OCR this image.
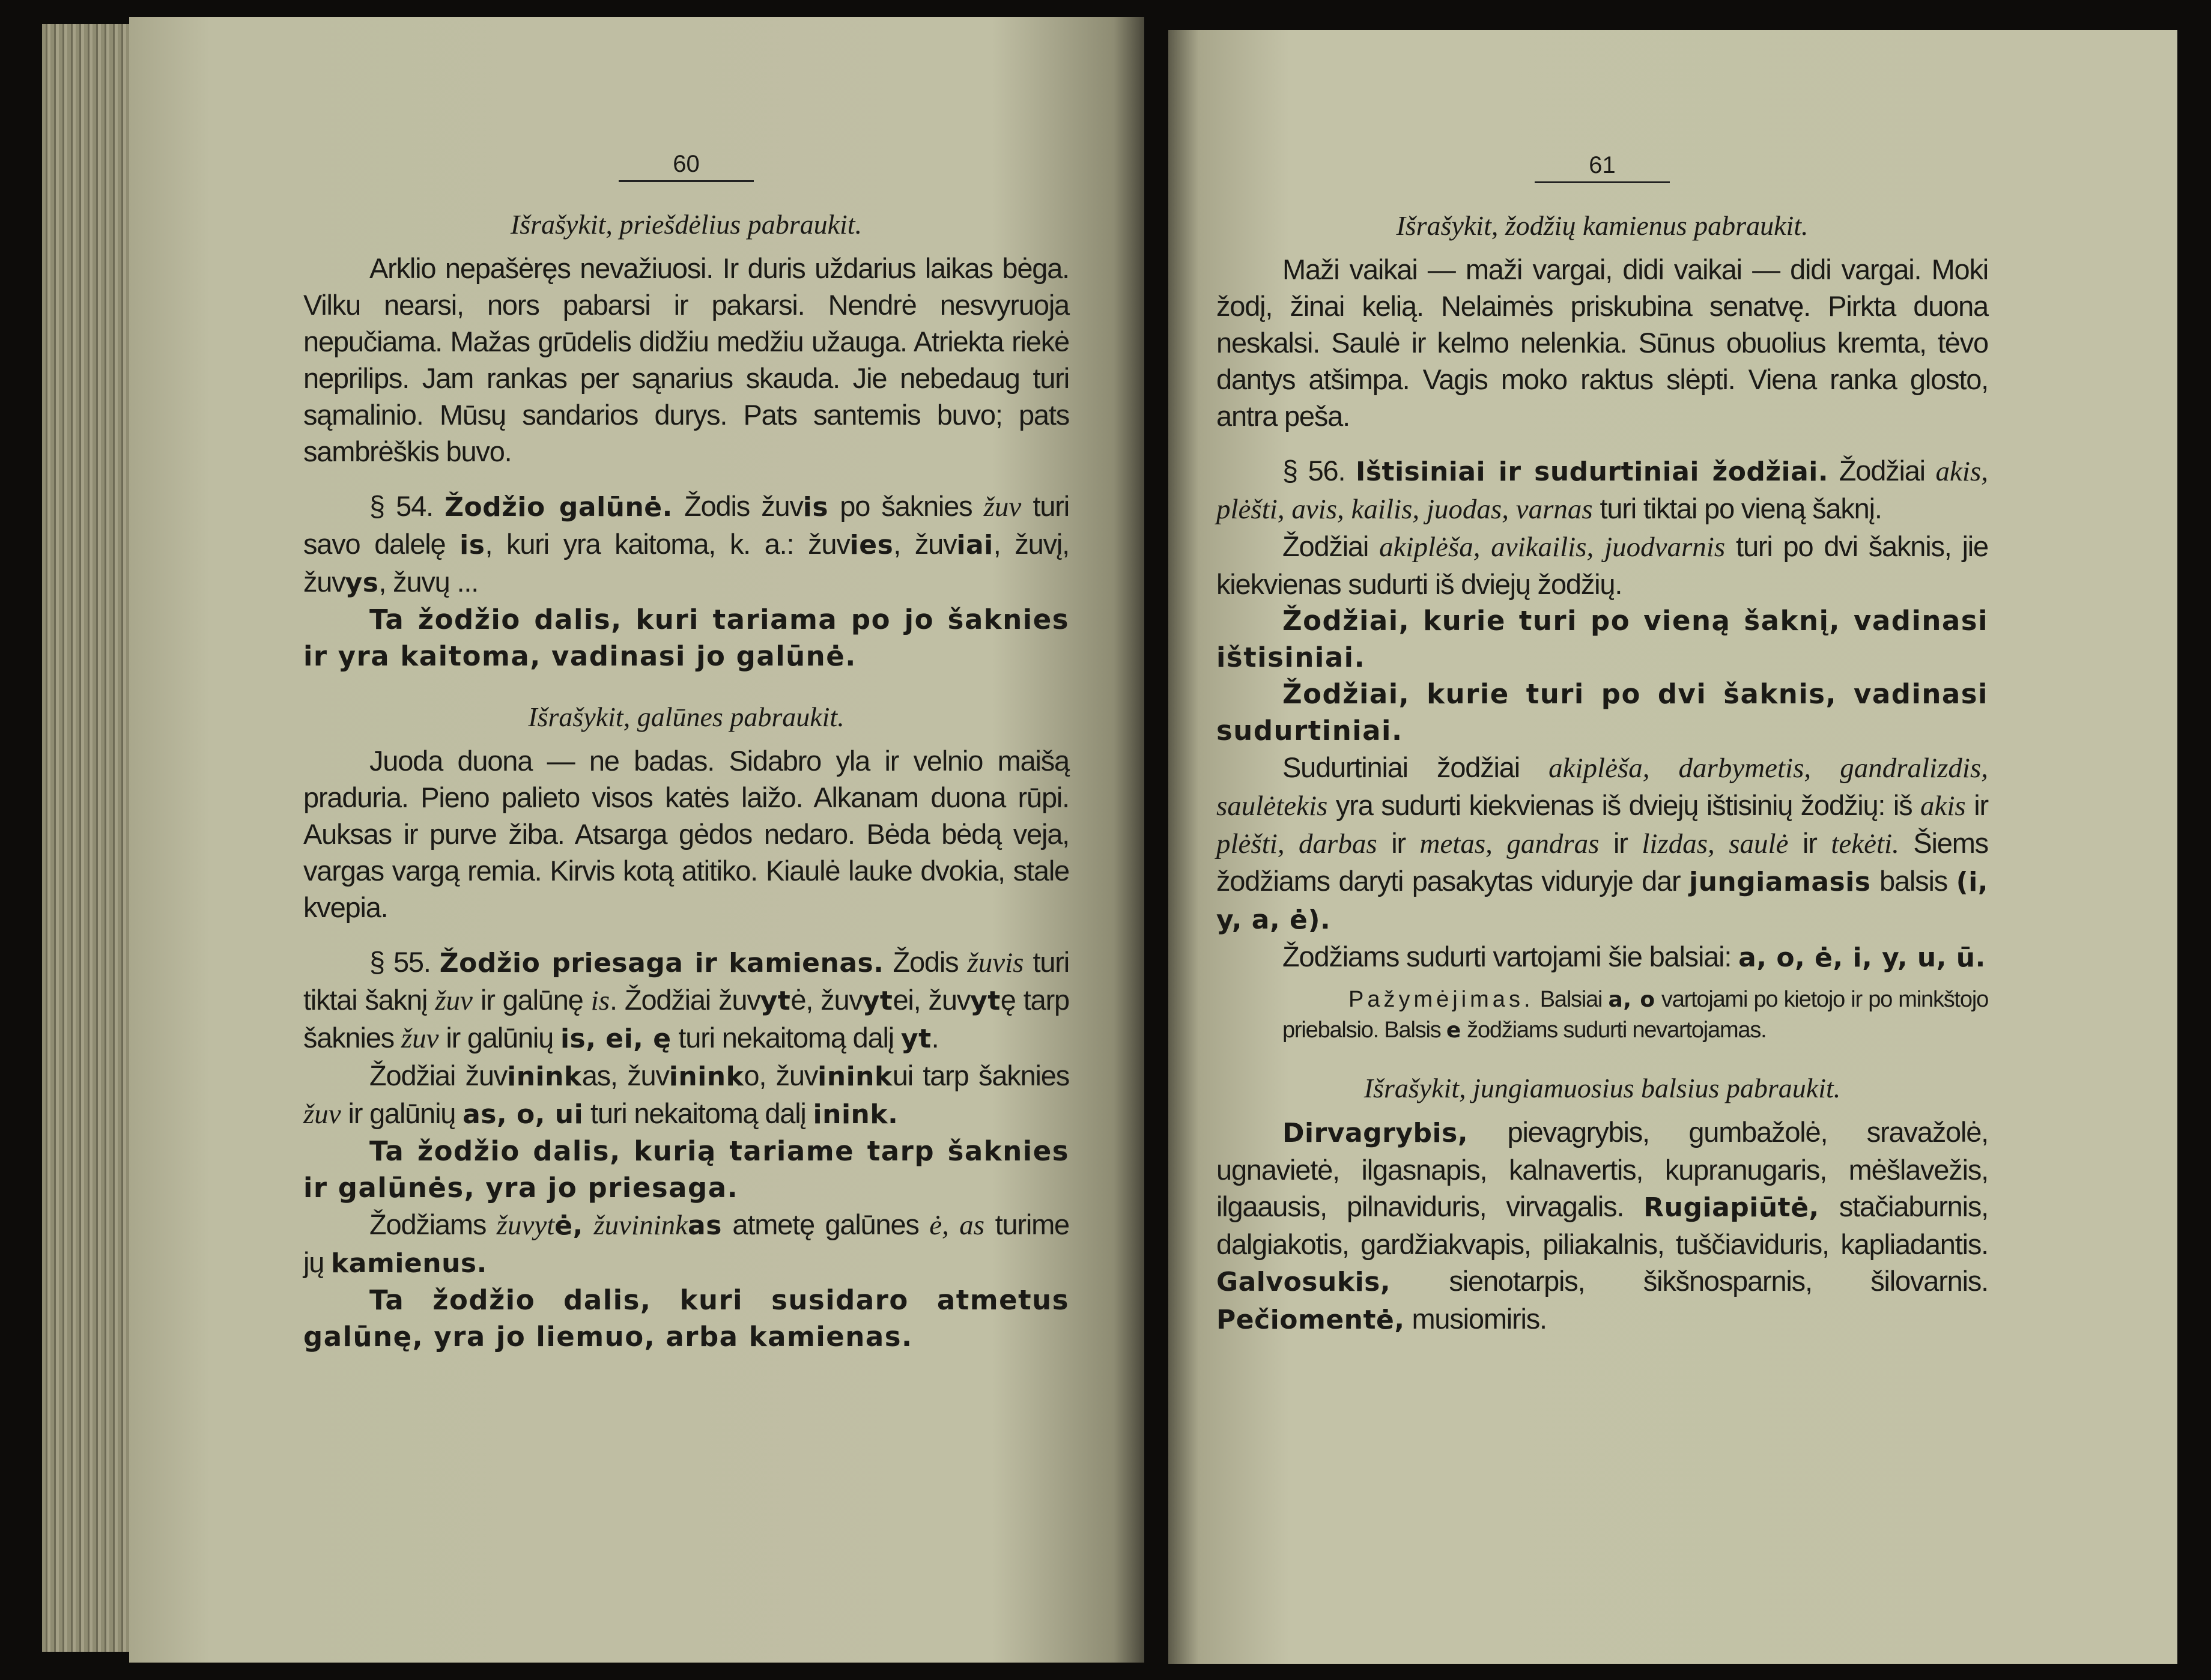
60
Išrašykit, priešdėlius pabraukit.

Arklio nepašėręs nevažiuosi. Ir duris uždarius laikas bėga. Vilku nearsi, nors pabarsi ir pakarsi. Nendrė nesvyruoja nepučiama. Mažas grūdelis didžiu medžiu užauga. Atriekta riekė neprilips. Jam rankas per sąnarius skauda. Jie nebedaug turi sąmalinio. Mūsų sandarios durys. Pats santemis buvo; pats sambrėškis buvo.

§ 54. Žodžio galūnė. Žodis žuvis po šaknies žuv turi savo dalelę is, kuri yra kaitoma, k. a.: žuvies, žuviai, žuvį, žuvys, žuvų ...

Ta žodžio dalis, kuri tariama po jo šaknies ir yra kaitoma, vadinasi jo galūnė.

Išrašykit, galūnes pabraukit.

Juoda duona — ne badas. Sidabro yla ir velnio maišą praduria. Pieno palieto visos katės laižo. Alkanam duona rūpi. Auksas ir purve žiba. Atsarga gėdos nedaro. Bėda bėdą veja, vargas vargą remia. Kirvis kotą atitiko. Kiaulė lauke dvokia, stale kvepia.

§ 55. Žodžio priesaga ir kamienas. Žodis žuvis turi tiktai šaknį žuv ir galūnę is. Žodžiai žuvytė, žuvytei, žuvytę tarp šaknies žuv ir galūnių is, ei, ę turi nekaitomą dalį yt.

Žodžiai žuvininkas, žuvininko, žuvininkui tarp šaknies žuv ir galūnių as, o, ui turi nekaitomą dalį inink.

Ta žodžio dalis, kurią tariame tarp šaknies ir galūnės, yra jo priesaga.

Žodžiams žuvytė, žuvininkas atmetę galūnes ė, as turime jų kamienus.

Ta žodžio dalis, kuri susidaro atmetus galūnę, yra jo liemuo, arba kamienas.

61
Išrašykit, žodžių kamienus pabraukit.

Maži vaikai — maži vargai, didi vaikai — didi vargai. Moki žodį, žinai kelią. Nelaimės priskubina senatvę. Pirkta duona neskalsi. Saulė ir kelmo nelenkia. Sūnus obuolius kremta, tėvo dantys atšimpa. Vagis moko raktus slėpti. Viena ranka glosto, antra peša.

§ 56. Ištisiniai ir sudurtiniai žodžiai. Žodžiai akis, plėšti, avis, kailis, juodas, varnas turi tiktai po vieną šaknį.

Žodžiai akiplėša, avikailis, juodvarnis turi po dvi šaknis, jie kiekvienas sudurti iš dviejų žodžių.

Žodžiai, kurie turi po vieną šaknį, vadinasi ištisiniai.

Žodžiai, kurie turi po dvi šaknis, vadinasi sudurtiniai.

Sudurtiniai žodžiai akiplėša, darbymetis, gandralizdis, saulėtekis yra sudurti kiekvienas iš dviejų ištisinių žodžių: iš akis ir plėšti, darbas ir metas, gandras ir lizdas, saulė ir tekėti. Šiems žodžiams daryti pasakytas viduryje dar jungiamasis balsis (i, y, a, ė).

Žodžiams sudurti vartojami šie balsiai: a, o, ė, i, y, u, ū.

Pažymėjimas. Balsiai a, o vartojami po kietojo ir po minkštojo priebalsio. Balsis e žodžiams sudurti nevartojamas.

Išrašykit, jungiamuosius balsius pabraukit.

Dirvagrybis, pievagrybis, gumbažolė, sravažolė, ugnavietė, ilgasnapis, kalnavertis, kupranugaris, mėšlavežis, ilgaausis, pilnaviduris, virvagalis. Rugiapiūtė, stačiaburnis, dalgiakotis, gardžiakvapis, piliakalnis, tuščiaviduris, kapliadantis. Galvosukis, sienotarpis, šikšnosparnis, šilovarnis. Pečiomentė, musiomiris.
